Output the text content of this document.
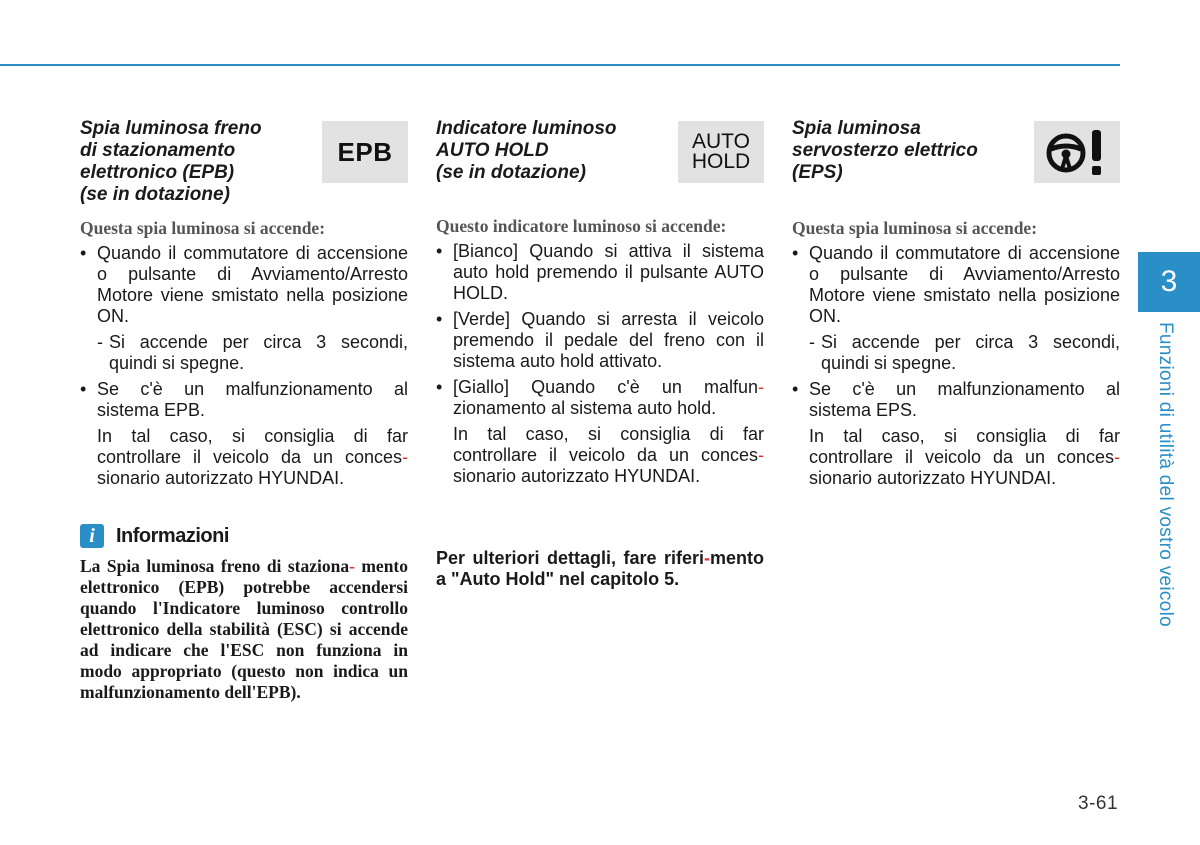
Spia luminosa freno
di stazionamento
elettronico (EPB)
(se in dotazione)
EPB
Questa spia luminosa si accende:
• Quando il commutatore di accensione o pulsante di Avviamento/Arresto Motore viene smistato nella posizione ON.
- Si accende per circa 3 secondi, quindi si spegne.
• Se c'è un malfunzionamento al sistema EPB.
In tal caso, si consiglia di far controllare il veicolo da un conces-sionario autorizzato HYUNDAI.
i	Informazioni
La Spia luminosa freno di staziona- mento elettronico (EPB) potrebbe accendersi quando l'Indicatore luminoso controllo elettronico della stabilità (ESC) si accende ad indicare che l'ESC non funziona in modo appropriato (questo non indica un malfunzionamento dell'EPB).
Indicatore luminoso
AUTO HOLD
(se in dotazione)
AUTO
HOLD
Questo indicatore luminoso si accende:
• [Bianco] Quando si attiva il sistema auto hold premendo il pulsante AUTO HOLD.
• [Verde] Quando si arresta il veicolo premendo il pedale del freno con il sistema auto hold attivato.
• [Giallo] Quando c'è un malfun-zionamento al sistema auto hold.
In tal caso, si consiglia di far controllare il veicolo da un conces-sionario autorizzato HYUNDAI.
Per ulteriori dettagli, fare riferi-mento a "Auto Hold" nel capitolo 5.
Spia luminosa
servosterzo elettrico
(EPS)
Questa spia luminosa si accende:
• Quando il commutatore di accensione o pulsante di Avviamento/Arresto Motore viene smistato nella posizione ON.
- Si accende per circa 3 secondi, quindi si spegne.
• Se c'è un malfunzionamento al sistema EPS.
In tal caso, si consiglia di far controllare il veicolo da un conces-sionario autorizzato HYUNDAI.
3
Funzioni di utilità del vostro veicolo
3-61
